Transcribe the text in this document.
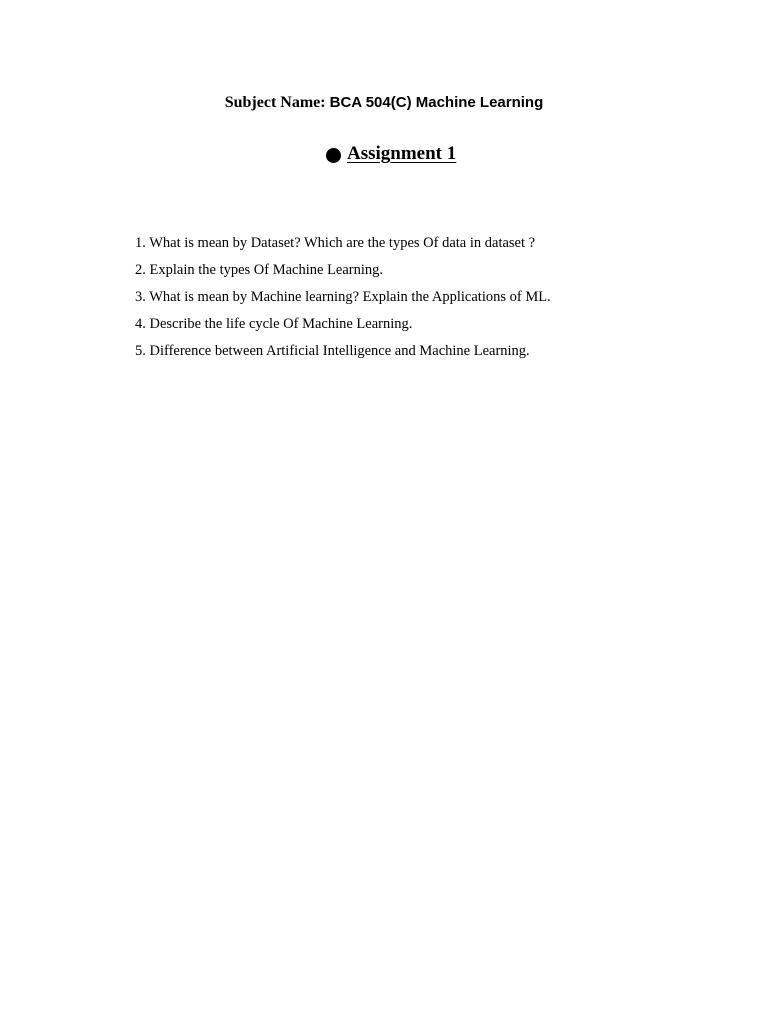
Subject Name: BCA 504(C) Machine Learning
Assignment 1
1. What is mean by Dataset? Which are the types Of data in dataset ?
2. Explain the types Of Machine Learning.
3. What is mean by Machine learning? Explain the Applications of ML.
4. Describe the life cycle Of Machine Learning.
5. Difference between Artificial Intelligence and Machine Learning.
